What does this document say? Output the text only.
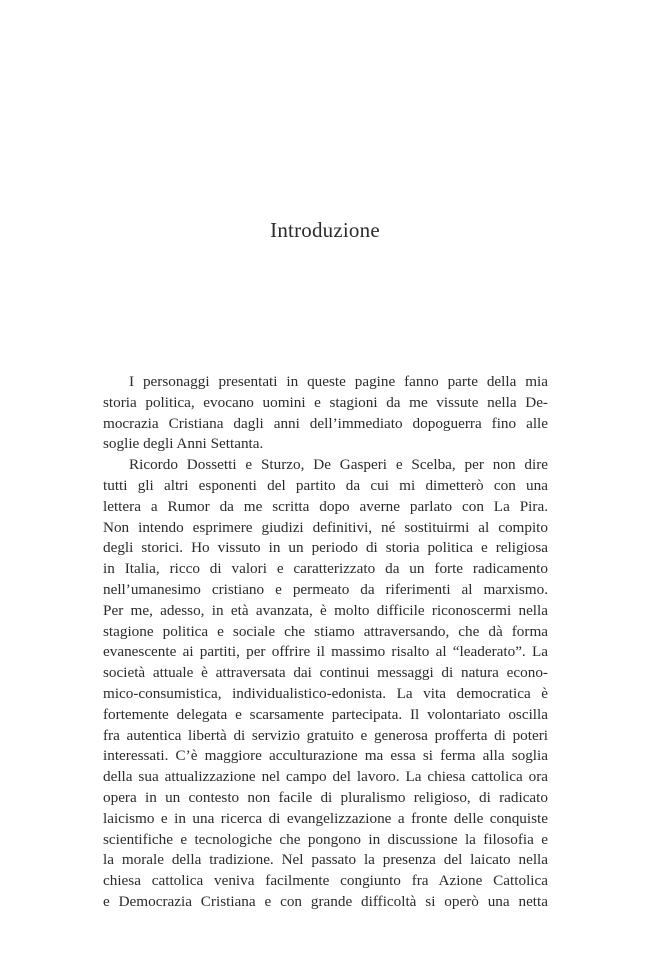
Introduzione
I personaggi presentati in queste pagine fanno parte della mia
storia politica, evocano uomini e stagioni da me vissute nella De-
mocrazia Cristiana dagli anni dell’immediato dopoguerra fino alle
soglie degli Anni Settanta.
Ricordo Dossetti e Sturzo, De Gasperi e Scelba, per non dire
tutti gli altri esponenti del partito da cui mi dimetterò con una
lettera a Rumor da me scritta dopo averne parlato con La Pira.
Non intendo esprimere giudizi definitivi, né sostituirmi al compito
degli storici. Ho vissuto in un periodo di storia politica e religiosa
in Italia, ricco di valori e caratterizzato da un forte radicamento
nell’umanesimo cristiano e permeato da riferimenti al marxismo.
Per me, adesso, in età avanzata, è molto difficile riconoscermi nella
stagione politica e sociale che stiamo attraversando, che dà forma
evanescente ai partiti, per offrire il massimo risalto al “leaderato”. La
società attuale è attraversata dai continui messaggi di natura econo-
mico-consumistica, individualistico-edonista. La vita democratica è
fortemente delegata e scarsamente partecipata. Il volontariato oscilla
fra autentica libertà di servizio gratuito e generosa profferta di poteri
interessati. C’è maggiore acculturazione ma essa si ferma alla soglia
della sua attualizzazione nel campo del lavoro. La chiesa cattolica ora
opera in un contesto non facile di pluralismo religioso, di radicato
laicismo e in una ricerca di evangelizzazione a fronte delle conquiste
scientifiche e tecnologiche che pongono in discussione la filosofia e
la morale della tradizione. Nel passato la presenza del laicato nella
chiesa cattolica veniva facilmente congiunto fra Azione Cattolica
e Democrazia Cristiana e con grande difficoltà si operò una netta
